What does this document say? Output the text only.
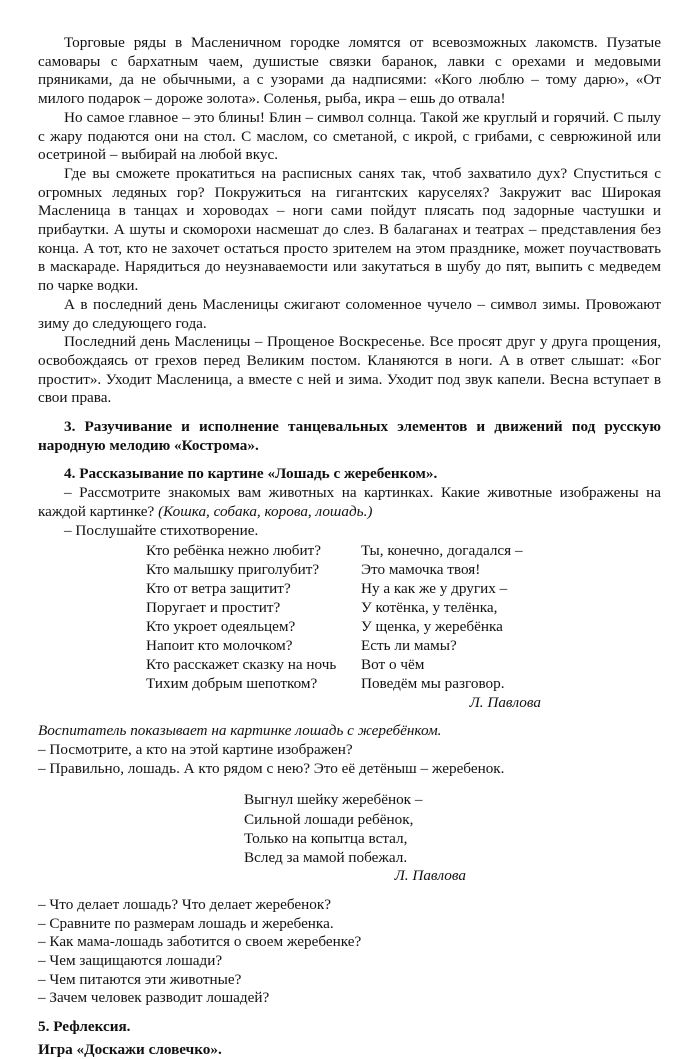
Торговые ряды в Масленичном городке ломятся от всевозможных лакомств. Пузатые самовары с бархатным чаем, душистые связки баранок, лавки с орехами и медовыми пряниками, да не обычными, а с узорами да надписями: «Кого люблю – тому дарю», «От милого подарок – дороже золота». Соленья, рыба, икра – ешь до отвала!

Но самое главное – это блины! Блин – символ солнца. Такой же круглый и горячий. С пылу с жару подаются они на стол. С маслом, со сметаной, с икрой, с грибами, с севрюжиной или осетриной – выбирай на любой вкус.

Где вы сможете прокатиться на расписных санях так, чтоб захватило дух? Спуститься с огромных ледяных гор? Покружиться на гигантских каруселях? Закружит вас Широкая Масленица в танцах и хороводах – ноги сами пойдут плясать под задорные частушки и прибаутки. А шуты и скоморохи насмешат до слез. В балаганах и театрах – представления без конца. А тот, кто не захочет остаться просто зрителем на этом празднике, может поучаствовать в маскараде. Нарядиться до неузнаваемости или закутаться в шубу до пят, выпить с медведем по чарке водки.

А в последний день Масленицы сжигают соломенное чучело – символ зимы. Провожают зиму до следующего года.

Последний день Масленицы – Прощеное Воскресенье. Все просят друг у друга прощения, освобождаясь от грехов перед Великим постом. Кланяются в ноги. А в ответ слышат: «Бог простит». Уходит Масленица, а вместе с ней и зима. Уходит под звук капели. Весна вступает в свои права.

3. Разучивание и исполнение танцевальных элементов и движений под русскую народную мелодию «Кострома».

4. Рассказывание по картине «Лошадь с жеребенком».

– Рассмотрите знакомых вам животных на картинках. Какие животные изображены на каждой картинке? (Кошка, собака, корова, лошадь.)

– Послушайте стихотворение.

Кто ребёнка нежно любит?	Ты, конечно, догадался –
Кто малышку приголубит?	Это мамочка твоя!
Кто от ветра защитит?	Ну а как же у других –
Поругает и простит?	У котёнка, у телёнка,
Кто укроет одеяльцем?	У щенка, у жеребёнка
Напоит кто молочком?	Есть ли мамы?
Кто расскажет сказку на ночь	Вот о чём
Тихим добрым шепотком?	Поведём мы разговор.

Л. Павлова

Воспитатель показывает на картинке лошадь с жеребёнком.

– Посмотрите, а кто на этой картине изображен?

– Правильно, лошадь. А кто рядом с нею? Это её детёныш – жеребенок.

Выгнул шейку жеребёнок –
Сильной лошади ребёнок,
Только на копытца встал,
Вслед за мамой побежал.

Л. Павлова

– Что делает лошадь? Что делает жеребенок?

– Сравните по размерам лошадь и жеребенка.

– Как мама-лошадь заботится о своем жеребенке?

– Чем защищаются лошади?

– Чем питаются эти животные?

– Зачем человек разводит лошадей?

5. Рефлексия.

Игра «Доскажи словечко».
